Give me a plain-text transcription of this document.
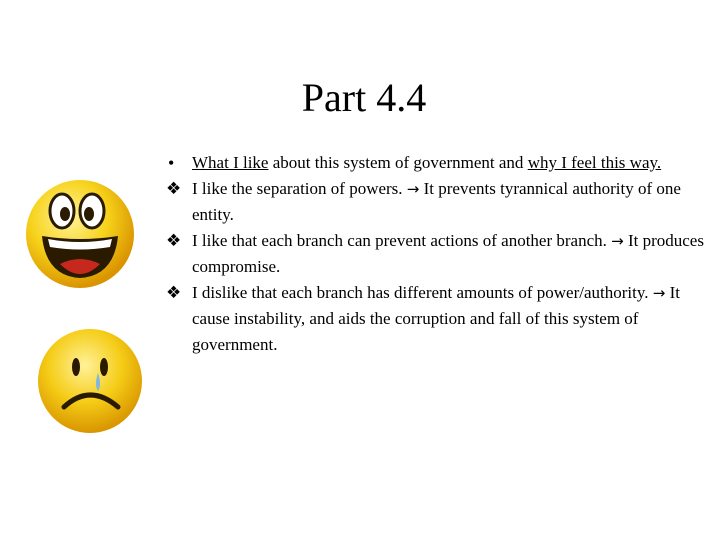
Part 4.4
•	What I like about this system of government and why I feel this way.
❖ I like the separation of powers. → It prevents tyrannical authority of one entity.
❖ I like that each branch can prevent actions of another branch. → It produces compromise.
❖ I dislike that each branch has different amounts of power/authority. → It cause instability, and aids the corruption and fall of this system of government.
